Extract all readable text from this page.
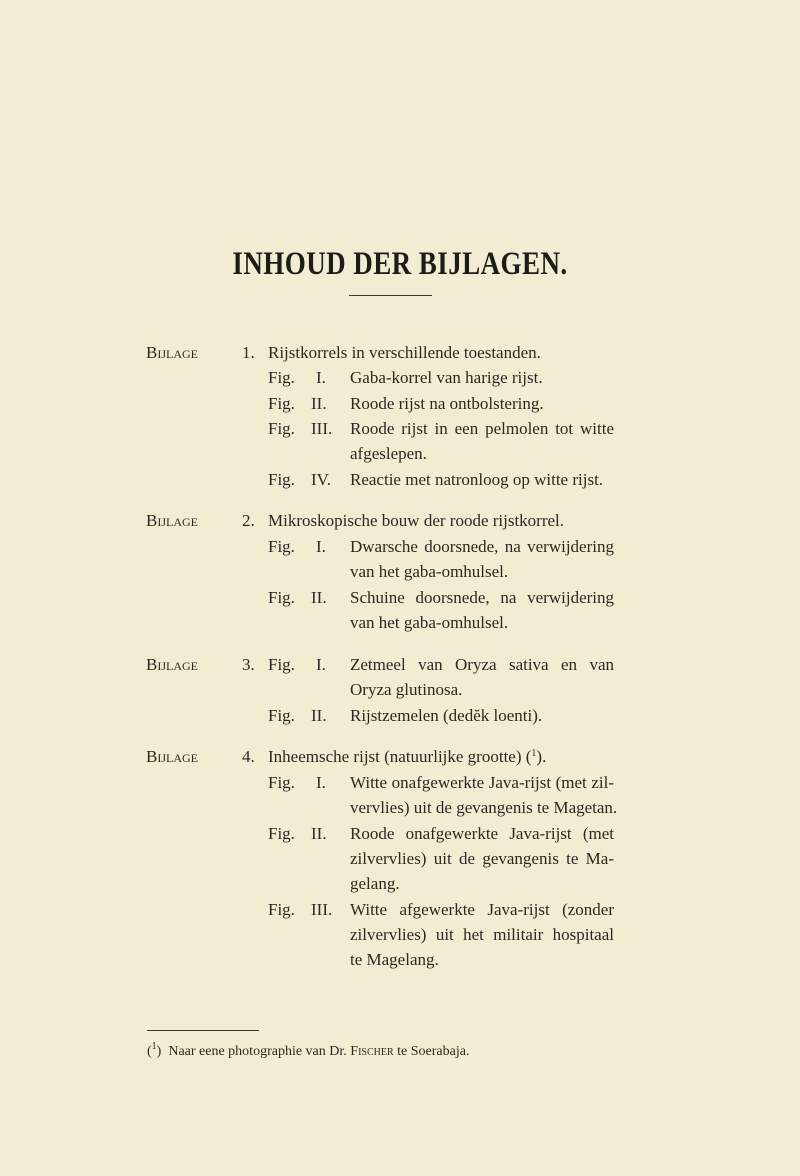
INHOUD DER BIJLAGEN.
Bijlage	1. Rijstkorrels in verschillende toestanden.
Fig. I. Gaba-korrel van harige rijst.
Fig. II. Roode rijst na ontbolstering.
Fig. III. Roode rijst in een pelmolen tot witte
afgeslepen.
Fig. IV. Reactie met natronloog op witte rijst.
Bijlage	2. Mikroskopische bouw der roode rijstkorrel.
Fig. I. Dwarsche doorsnede, na verwijdering
van het gaba-omhulsel.
Fig. II. Schuine doorsnede, na verwijdering
van het gaba-omhulsel.
Bijlage	3. Fig. I. Zetmeel van Oryza sativa en van
Oryza glutinosa.
Fig. II. Rijstzemelen (dedĕk loenti).
Bijlage	4. Inheemsche rijst (natuurlijke grootte) ($^1$).
Fig. I. Witte onafgewerkte Java-rijst (met zil-
vervlies) uit de gevangenis te Magetan.
Fig. II. Roode onafgewerkte Java-rijst (met
zilvervlies) uit de gevangenis te Ma-
gelang.
Fig. III. Witte afgewerkte Java-rijst (zonder
zilvervlies) uit het militair hospitaal
te Magelang.
($^1$) Naar eene photographie van Dr. Fischer te Soerabaja.
